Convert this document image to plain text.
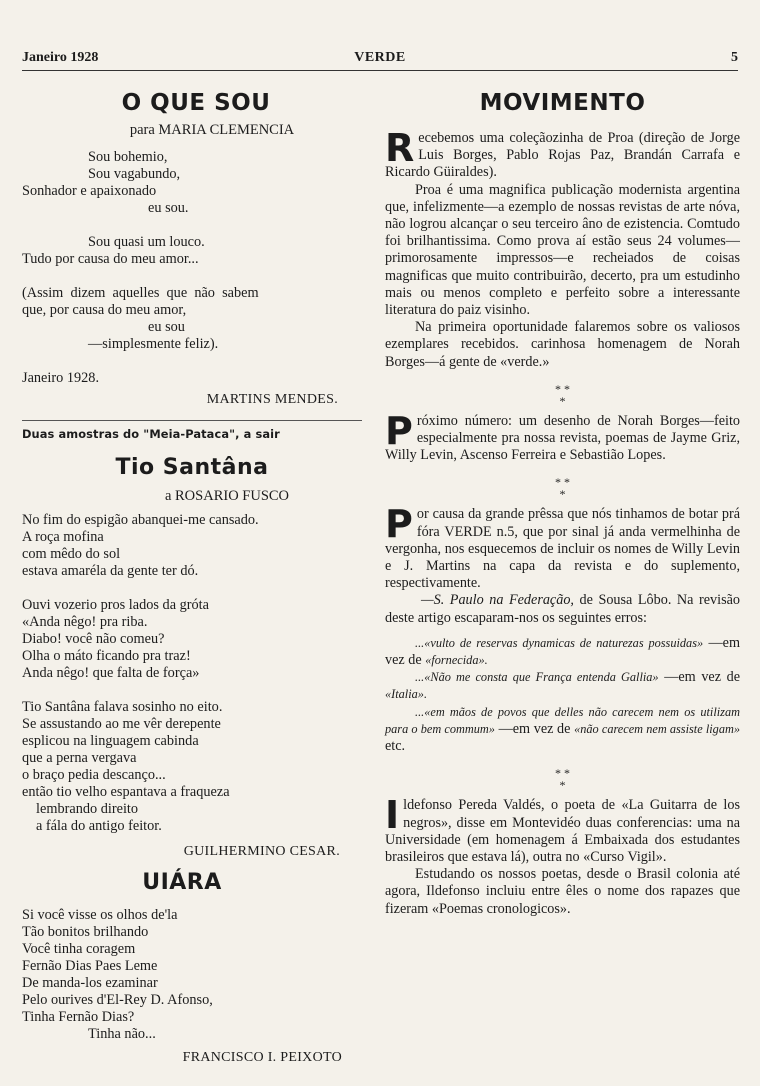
Janeiro 1928	VERDE	5
O QUE SOU
para MARIA CLEMENCIA

Sou bohemio,

Sou vagabundo,

Sonhador e apaixonado

eu sou.

Sou quasi um louco.

Tudo por causa do meu amor...

(Assim  dizem  aquelles  que  não  sabem

que, por causa do meu amor,

eu sou

—simplesmente feliz).

Janeiro 1928.

MARTINS MENDES.
Duas amostras do "Meia-Pataca", a sair
Tio Santâna
a ROSARIO FUSCO

No fim do espigão abanquei-me cansado.

A roça mofina

com mêdo do sol

estava amaréla da gente ter dó.

Ouvi vozerio pros lados da gróta

«Anda nêgo! pra riba.

Diabo! você não comeu?

Olha o máto ficando pra traz!

Anda nêgo! que falta de força»

Tio Santâna falava sosinho no eito.

Se assustando ao me vêr derepente

esplicou na linguagem cabinda

que a perna vergava

o braço pedia descanço...

então tio velho espantava a fraqueza

lembrando direito

a fála do antigo feitor.

GUILHERMINO CESAR.
UIÁRA

Si você visse os olhos de'la

Tão bonitos brilhando

Você tinha coragem

Fernão Dias Paes Leme

De manda-los ezaminar

Pelo ourives d'El-Rey D. Afonso,

Tinha Fernão Dias?

Tinha não...

FRANCISCO I. PEIXOTO
MOVIMENTO

Recebemos uma coleçãozinha de Proa (direção de Jorge Luis Borges, Pablo Rojas Paz, Brandán Carrafa e Ricardo Güiraldes).

Proa é uma magnifica publicação modernista argentina que, infelizmente—a ezemplo de nossas revistas de arte nóva, não logrou alcançar o seu terceiro âno de ezistencia. Comtudo foi brilhantissima. Como prova aí estão seus 24 volumes—primorosamente impressos—e recheiados de coisas magnificas que muito contribuirão, decerto, pra um estudinho mais ou menos completo e perfeito sobre a interessante literatura do paiz visinho.

Na primeira oportunidade falaremos sobre os valiosos ezemplares recebidos. carinhosa homenagem de Norah Borges—á gente de «verde.»

* *
*

Próximo número: um desenho de Norah Borges—feito especialmente pra nossa revista, poemas de Jayme Griz, Willy Levin, Ascenso Ferreira e Sebastião Lopes.

* *
*

Por causa da grande prêssa que nós tinhamos de botar prá fóra VERDE n.5, que por sinal já anda vermelhinha de vergonha, nos esquecemos de incluir os nomes de Willy Levin e J. Martins na capa da revista e do suplemento, respectivamente.

—S. Paulo na Federação, de Sousa Lôbo. Na revisão deste artigo escaparam-nos os seguintes erros:

...«vulto de reservas dynamicas de naturezas possuidas» —em vez de «fornecida».

...«Não me consta que França entenda Gallia» —em vez de «Italia».

...«em mãos de povos que delles não carecem nem os utilizam para o bem commum» —em vez de «não carecem nem assiste ligam» etc.

* *
*

Ildefonso Pereda Valdés, o poeta de «La Guitarra de los negros», disse em Montevidéo duas conferencias: uma na Universidade (em homenagem á Embaixada dos estudantes brasileiros que estava lá), outra no «Curso Vigil».

Estudando os nossos poetas, desde o Brasil colonia até agora, Ildefonso incluiu entre êles o nome dos rapazes que fizeram «Poemas cronologicos».
